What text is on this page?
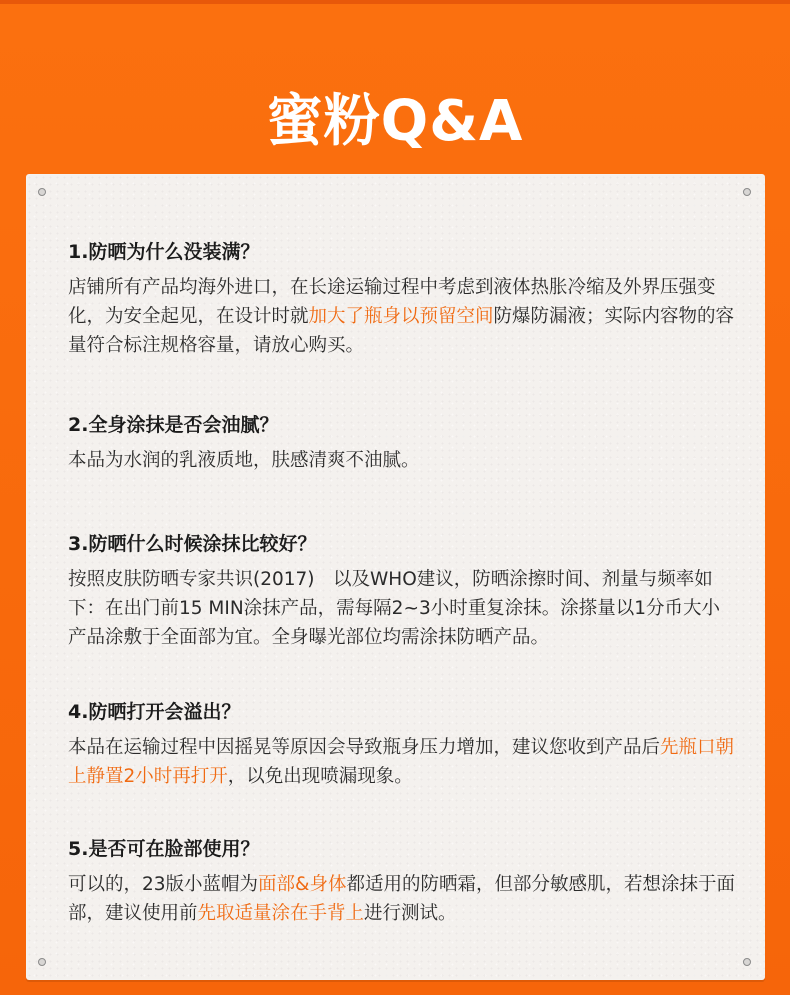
蜜粉Q&A
1.防晒为什么没装满？

店铺所有产品均海外进口，在长途运输过程中考虑到液体热胀冷缩及外界压强变化，为安全起见，在设计时就加大了瓶身以预留空间防爆防漏液；实际内容物的容量符合标注规格容量，请放心购买。

2.全身涂抹是否会油腻？

本品为水润的乳液质地，肤感清爽不油腻。

3.防晒什么时候涂抹比较好？

按照皮肤防晒专家共识(2017)　以及WHO建议，防晒涂擦时间、剂量与频率如下：在出门前15 MIN涂抹产品，需每隔2~3小时重复涂抹。涂搽量以1分币大小产品涂敷于全面部为宜。全身曝光部位均需涂抹防晒产品。

4.防晒打开会溢出？

本品在运输过程中因摇晃等原因会导致瓶身压力增加，建议您收到产品后先瓶口朝上静置2小时再打开，以免出现喷漏现象。

5.是否可在脸部使用？

可以的，23版小蓝帽为面部&身体都适用的防晒霜，但部分敏感肌，若想涂抹于面部，建议使用前先取适量涂在手背上进行测试。
